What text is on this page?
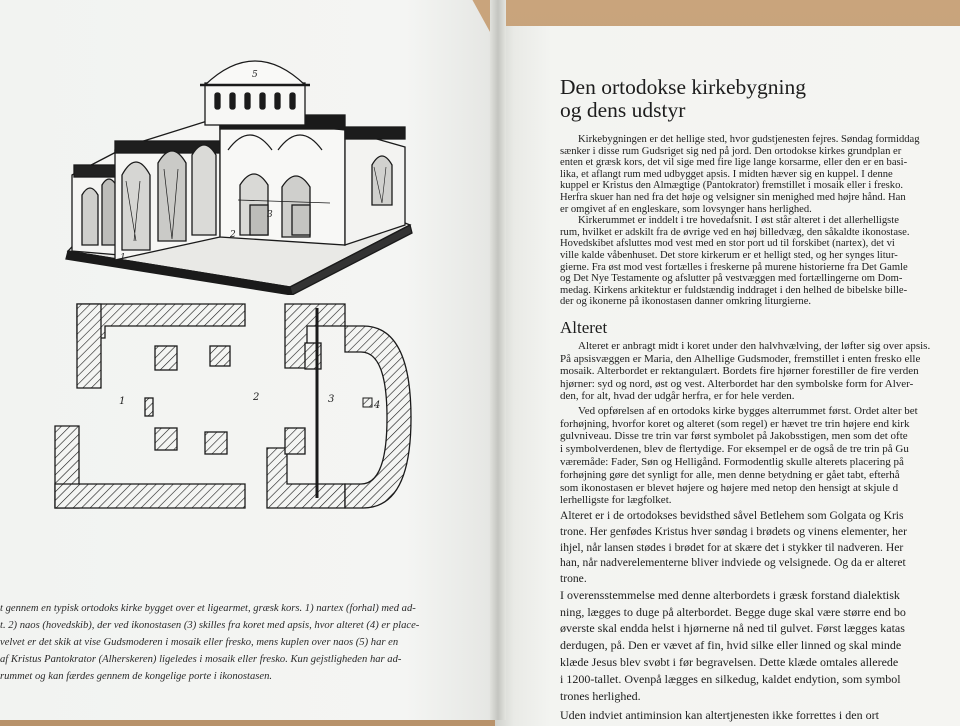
1
2
3
5
1	2	3
4
t gennem en typisk ortodoks kirke bygget over et ligearmet, græsk kors. 1) nartex (forhal) med ad-
t. 2) naos (hovedskib), der ved ikonostasen (3) skilles fra koret med apsis, hvor alteret (4) er place-
velvet er det skik at vise Gudsmoderen i mosaik eller fresko, mens kuplen over naos (5) har en
af Kristus Pantokrator (Alherskeren) ligeledes i mosaik eller fresko. Kun gejstligheden har ad-
rummet og kan færdes gennem de kongelige porte i ikonostasen.
Den ortodokse kirkebygning
og dens udstyr
Kirkebygningen er det hellige sted, hvor gudstjenesten fejres. Søndag formiddag
sænker i disse rum Gudsriget sig ned på jord. Den ortodokse kirkes grundplan er
enten et græsk kors, det vil sige med fire lige lange korsarme, eller den er en basi-
lika, et aflangt rum med udbygget apsis. I midten hæver sig en kuppel. I denne
kuppel er Kristus den Almægtige (Pantokrator) fremstillet i mosaik eller i fresko.
Herfra skuer han ned fra det høje og velsigner sin menighed med højre hånd. Han
er omgivet af en engleskare, som lovsynger hans herlighed.
Kirkerummet er inddelt i tre hovedafsnit. I øst står alteret i det allerhelligste
rum, hvilket er adskilt fra de øvrige ved en høj billedvæg, den såkaldte ikonostase.
Hovedskibet afsluttes mod vest med en stor port ud til forskibet (nartex), det vi
ville kalde våbenhuset. Det store kirkerum er et helligt sted, og her synges litur-
gierne. Fra øst mod vest fortælles i freskerne på murene historierne fra Det Gamle
og Det Nye Testamente og afslutter på vestvæggen med fortællingerne om Dom-
medag. Kirkens arkitektur er fuldstændig inddraget i den helhed de bibelske bille-
der og ikonerne på ikonostasen danner omkring liturgierne.
Alteret
Alteret er anbragt midt i koret under den halvhvælving, der løfter sig over apsis.
På apsisvæggen er Maria, den Alhellige Gudsmoder, fremstillet i enten fresko elle
mosaik. Alterbordet er rektangulært. Bordets fire hjørner forestiller de fire verden
hjørner: syd og nord, øst og vest. Alterbordet har den symbolske form for Alver-
den, for alt, hvad der udgår herfra, er for hele verden.
Ved opførelsen af en ortodoks kirke bygges alterrummet først. Ordet alter bet
forhøjning, hvorfor koret og alteret (som regel) er hævet tre trin højere end kirk
gulvniveau. Disse tre trin var først symbolet på Jakobsstigen, men som det ofte
i symbolverdenen, blev de flertydige. For eksempel er de også de tre trin på Gu
væremåde: Fader, Søn og Helligånd. Formodentlig skulle alterets placering på
forhøjning gøre det synligt for alle, men denne betydning er gået tabt, efterhå
som ikonostasen er blevet højere og højere med netop den hensigt at skjule d
lerhelligste for lægfolket.
Alteret er i de ortodokses bevidsthed såvel Betlehem som Golgata og Kris
trone. Her genfødes Kristus hver søndag i brødets og vinens elementer, her
ihjel, når lansen stødes i brødet for at skære det i stykker til nadveren. Her
han, når nadverelementerne bliver indviede og velsignede. Og da er alteret
trone.
I overensstemmelse med denne alterbordets i græsk forstand dialektisk
ning, lægges to duge på alterbordet. Begge duge skal være større end bo
øverste skal endda helst i hjørnerne nå ned til gulvet. Først lægges katas
derdugen, på. Den er vævet af fin, hvid silke eller linned og skal minde
klæde Jesus blev svøbt i før begravelsen. Dette klæde omtales allerede
i 1200-tallet. Ovenpå lægges en silkedug, kaldet endytion, som symbol
trones herlighed.
Uden indviet antiminsion kan altertjenesten ikke forrettes i den ort
